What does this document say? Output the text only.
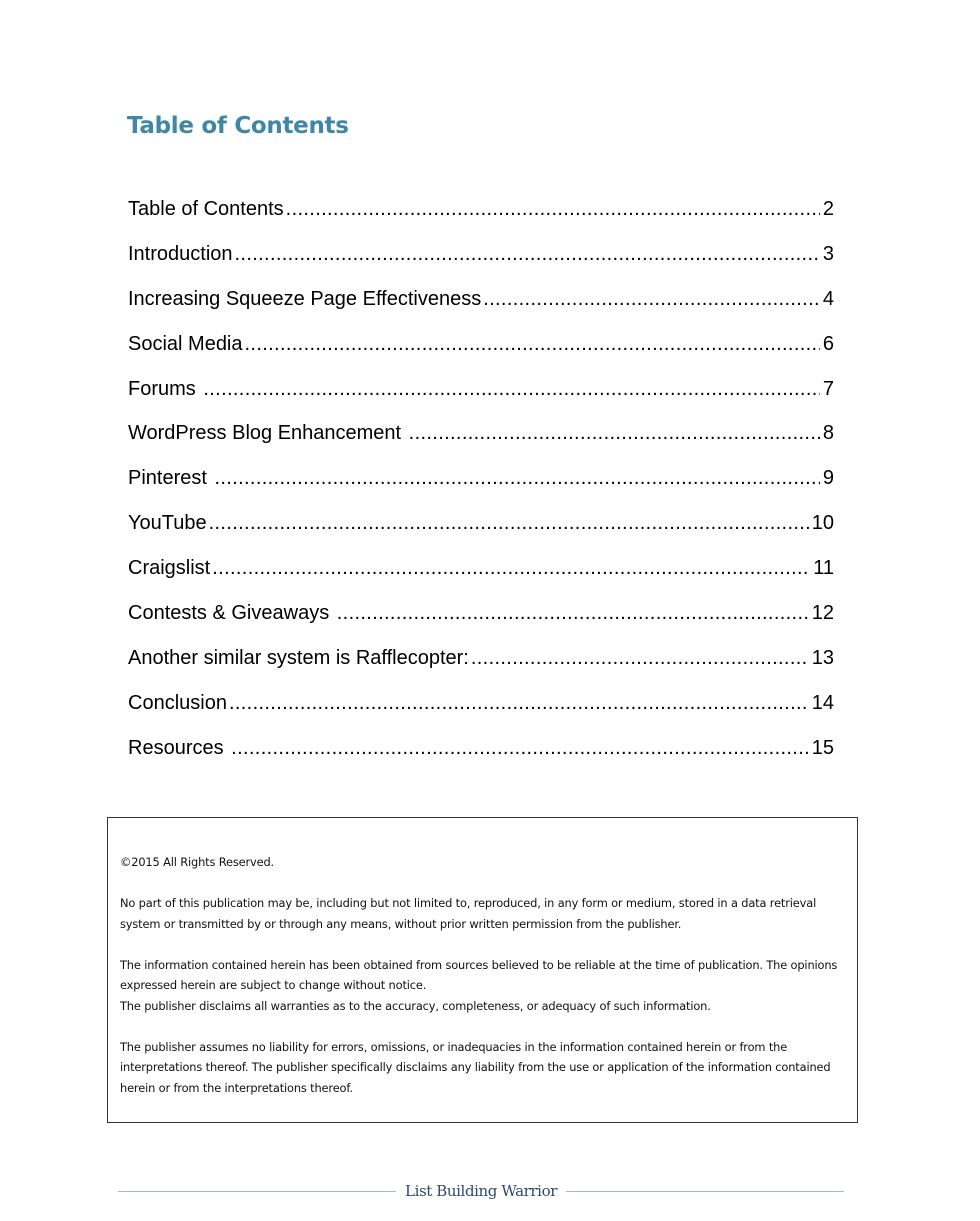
Table of Contents
Table of Contents .....	2
Introduction .....	3
Increasing Squeeze Page Effectiveness .....	4
Social Media .....	6
Forums .....	7
WordPress Blog Enhancement .....	8
Pinterest .....	9
YouTube .....	10
Craigslist .....	11
Contests & Giveaways .....	12
Another similar system is Rafflecopter: .....	13
Conclusion .....	14
Resources .....	15

©2015 All Rights Reserved.

No part of this publication may be, including but not limited to, reproduced, in any form or medium, stored in a data retrieval system or transmitted by or through any means, without prior written permission from the publisher.

The information contained herein has been obtained from sources believed to be reliable at the time of publication. The opinions expressed herein are subject to change without notice.
The publisher disclaims all warranties as to the accuracy, completeness, or adequacy of such information.

The publisher assumes no liability for errors, omissions, or inadequacies in the information contained herein or from the interpretations thereof. The publisher specifically disclaims any liability from the use or application of the information contained herein or from the interpretations thereof.

List Building Warrior
